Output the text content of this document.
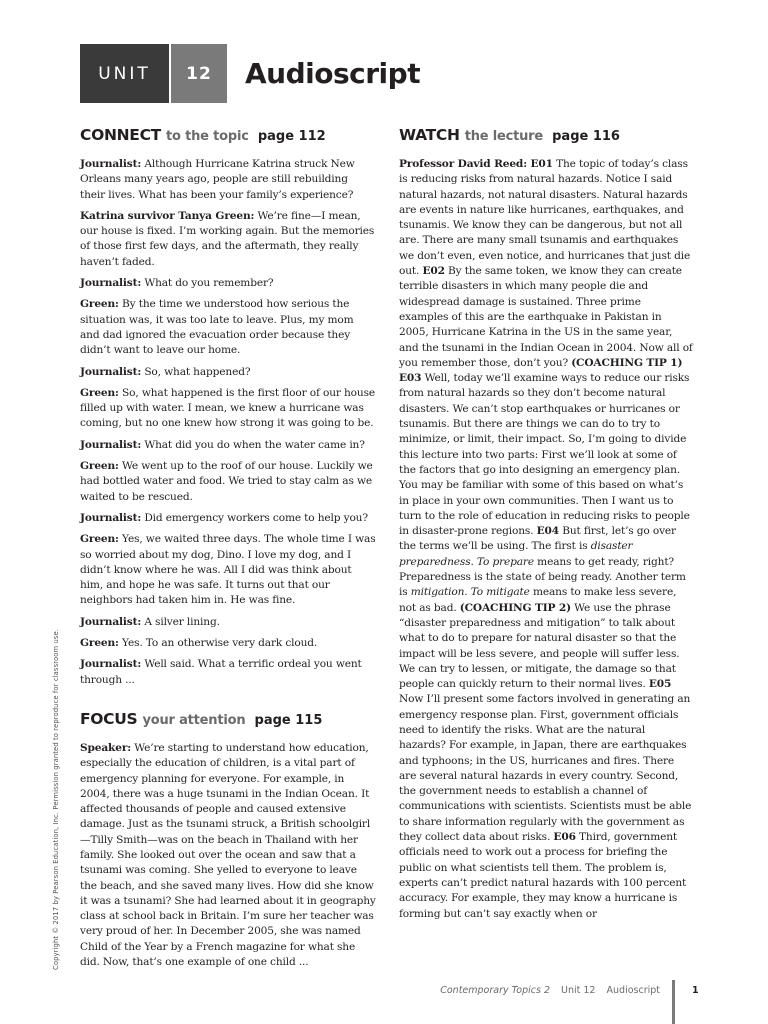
UNIT	12	Audioscript
CONNECT to the topic page 112
Journalist: Although Hurricane Katrina struck New Orleans many years ago, people are still rebuilding their lives. What has been your family’s experience?
Katrina survivor Tanya Green: We’re fine—I mean, our house is fixed. I’m working again. But the memories of those first few days, and the aftermath, they really haven’t faded.
Journalist: What do you remember?
Green: By the time we understood how serious the situation was, it was too late to leave. Plus, my mom and dad ignored the evacuation order because they didn’t want to leave our home.
Journalist: So, what happened?
Green: So, what happened is the first floor of our house filled up with water. I mean, we knew a hurricane was coming, but no one knew how strong it was going to be.
Journalist: What did you do when the water came in?
Green: We went up to the roof of our house. Luckily we had bottled water and food. We tried to stay calm as we waited to be rescued.
Journalist: Did emergency workers come to help you?
Green: Yes, we waited three days. The whole time I was so worried about my dog, Dino. I love my dog, and I didn’t know where he was. All I did was think about him, and hope he was safe. It turns out that our neighbors had taken him in. He was fine.
Journalist: A silver lining.
Green: Yes. To an otherwise very dark cloud.
Journalist: Well said. What a terrific ordeal you went through ...
FOCUS your attention page 115
Speaker: We’re starting to understand how education, especially the education of children, is a vital part of emergency planning for everyone. For example, in 2004, there was a huge tsunami in the Indian Ocean. It affected thousands of people and caused extensive damage. Just as the tsunami struck, a British schoolgirl—Tilly Smith—was on the beach in Thailand with her family. She looked out over the ocean and saw that a tsunami was coming. She yelled to everyone to leave the beach, and she saved many lives. How did she know it was a tsunami? She had learned about it in geography class at school back in Britain. I’m sure her teacher was very proud of her. In December 2005, she was named Child of the Year by a French magazine for what she did. Now, that’s one example of one child ...
WATCH the lecture page 116
Professor David Reed: E01 The topic of today’s class is reducing risks from natural hazards. Notice I said natural hazards, not natural disasters. Natural hazards are events in nature like hurricanes, earthquakes, and tsunamis. We know they can be dangerous, but not all are. There are many small tsunamis and earthquakes we don’t even, even notice, and hurricanes that just die out. E02 By the same token, we know they can create terrible disasters in which many people die and widespread damage is sustained. Three prime examples of this are the earthquake in Pakistan in 2005, Hurricane Katrina in the US in the same year, and the tsunami in the Indian Ocean in 2004. Now all of you remember those, don’t you? (COACHING TIP 1) E03 Well, today we’ll examine ways to reduce our risks from natural hazards so they don’t become natural disasters. We can’t stop earthquakes or hurricanes or tsunamis. But there are things we can do to try to minimize, or limit, their impact. So, I’m going to divide this lecture into two parts: First we’ll look at some of the factors that go into designing an emergency plan. You may be familiar with some of this based on what’s in place in your own communities. Then I want us to turn to the role of education in reducing risks to people in disaster-prone regions. E04 But first, let’s go over the terms we’ll be using. The first is disaster preparedness. To prepare means to get ready, right? Preparedness is the state of being ready. Another term is mitigation. To mitigate means to make less severe, not as bad. (COACHING TIP 2) We use the phrase “disaster preparedness and mitigation” to talk about what to do to prepare for natural disaster so that the impact will be less severe, and people will suffer less. We can try to lessen, or mitigate, the damage so that people can quickly return to their normal lives. E05 Now I’ll present some factors involved in generating an emergency response plan. First, government officials need to identify the risks. What are the natural hazards? For example, in Japan, there are earthquakes and typhoons; in the US, hurricanes and fires. There are several natural hazards in every country. Second, the government needs to establish a channel of communications with scientists. Scientists must be able to share information regularly with the government as they collect data about risks. E06 Third, government officials need to work out a process for briefing the public on what scientists tell them. The problem is, experts can’t predict natural hazards with 100 percent accuracy. For example, they may know a hurricane is forming but can’t say exactly when or
Copyright © 2017 by Pearson Education, Inc. Permission granted to reproduce for classroom use.
Contemporary Topics 2 Unit 12 Audioscript	1
